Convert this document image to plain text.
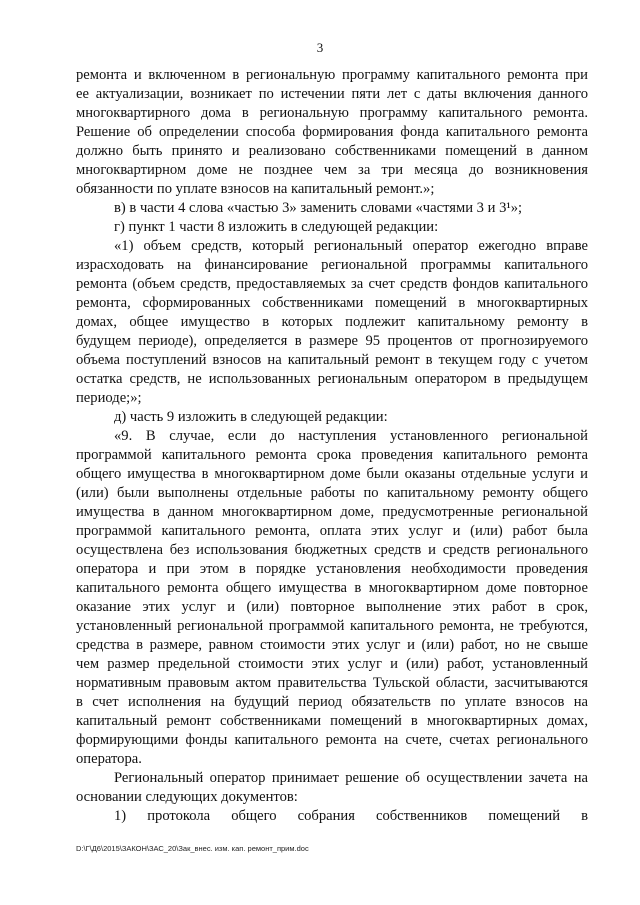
3
ремонта и включенном в региональную программу капитального ремонта при
ее актуализации, возникает по истечении пяти лет с даты включения данного
многоквартирного дома в региональную программу капитального ремонта.
Решение об определении способа формирования фонда капитального ремонта
должно быть принято и реализовано собственниками помещений в данном
многоквартирном доме не позднее чем за три месяца до возникновения
обязанности по уплате взносов на капитальный ремонт.»;
в) в части 4 слова «частью 3» заменить словами «частями 3 и 3¹»;
г) пункт 1 части 8 изложить в следующей редакции:
«1) объем средств, который региональный оператор ежегодно вправе
израсходовать на финансирование региональной программы капитального
ремонта (объем средств, предоставляемых за счет средств фондов капитального
ремонта, сформированных собственниками помещений в многоквартирных
домах, общее имущество в которых подлежит капитальному ремонту в
будущем периоде), определяется в размере 95 процентов от прогнозируемого
объема поступлений взносов на капитальный ремонт в текущем году с учетом
остатка средств, не использованных региональным оператором в предыдущем
периоде;»;
д) часть 9 изложить в следующей редакции:
«9. В случае, если до наступления установленного региональной
программой капитального ремонта срока проведения капитального ремонта
общего имущества в многоквартирном доме были оказаны отдельные услуги и
(или) были выполнены отдельные работы по капитальному ремонту общего
имущества в данном многоквартирном доме, предусмотренные региональной
программой капитального ремонта, оплата этих услуг и (или) работ была
осуществлена без использования бюджетных средств и средств регионального
оператора и при этом в порядке установления необходимости проведения
капитального ремонта общего имущества в многоквартирном доме повторное
оказание этих услуг и (или) повторное выполнение этих работ в срок,
установленный региональной программой капитального ремонта, не требуются,
средства в размере, равном стоимости этих услуг и (или) работ, но не свыше
чем размер предельной стоимости этих услуг и (или) работ, установленный
нормативным правовым актом правительства Тульской области, засчитываются
в счет исполнения на будущий период обязательств по уплате взносов на
капитальный ремонт собственниками помещений в многоквартирных домах,
формирующими фонды капитального ремонта на счете, счетах регионального
оператора.
Региональный оператор принимает решение об осуществлении зачета на
основании следующих документов:
1) протокола общего собрания собственников помещений в
D:\Г\Д6\2015\ЗАКОН\ЗАС_20\Зак_внес. изм. кап. ремонт_прим.doc
